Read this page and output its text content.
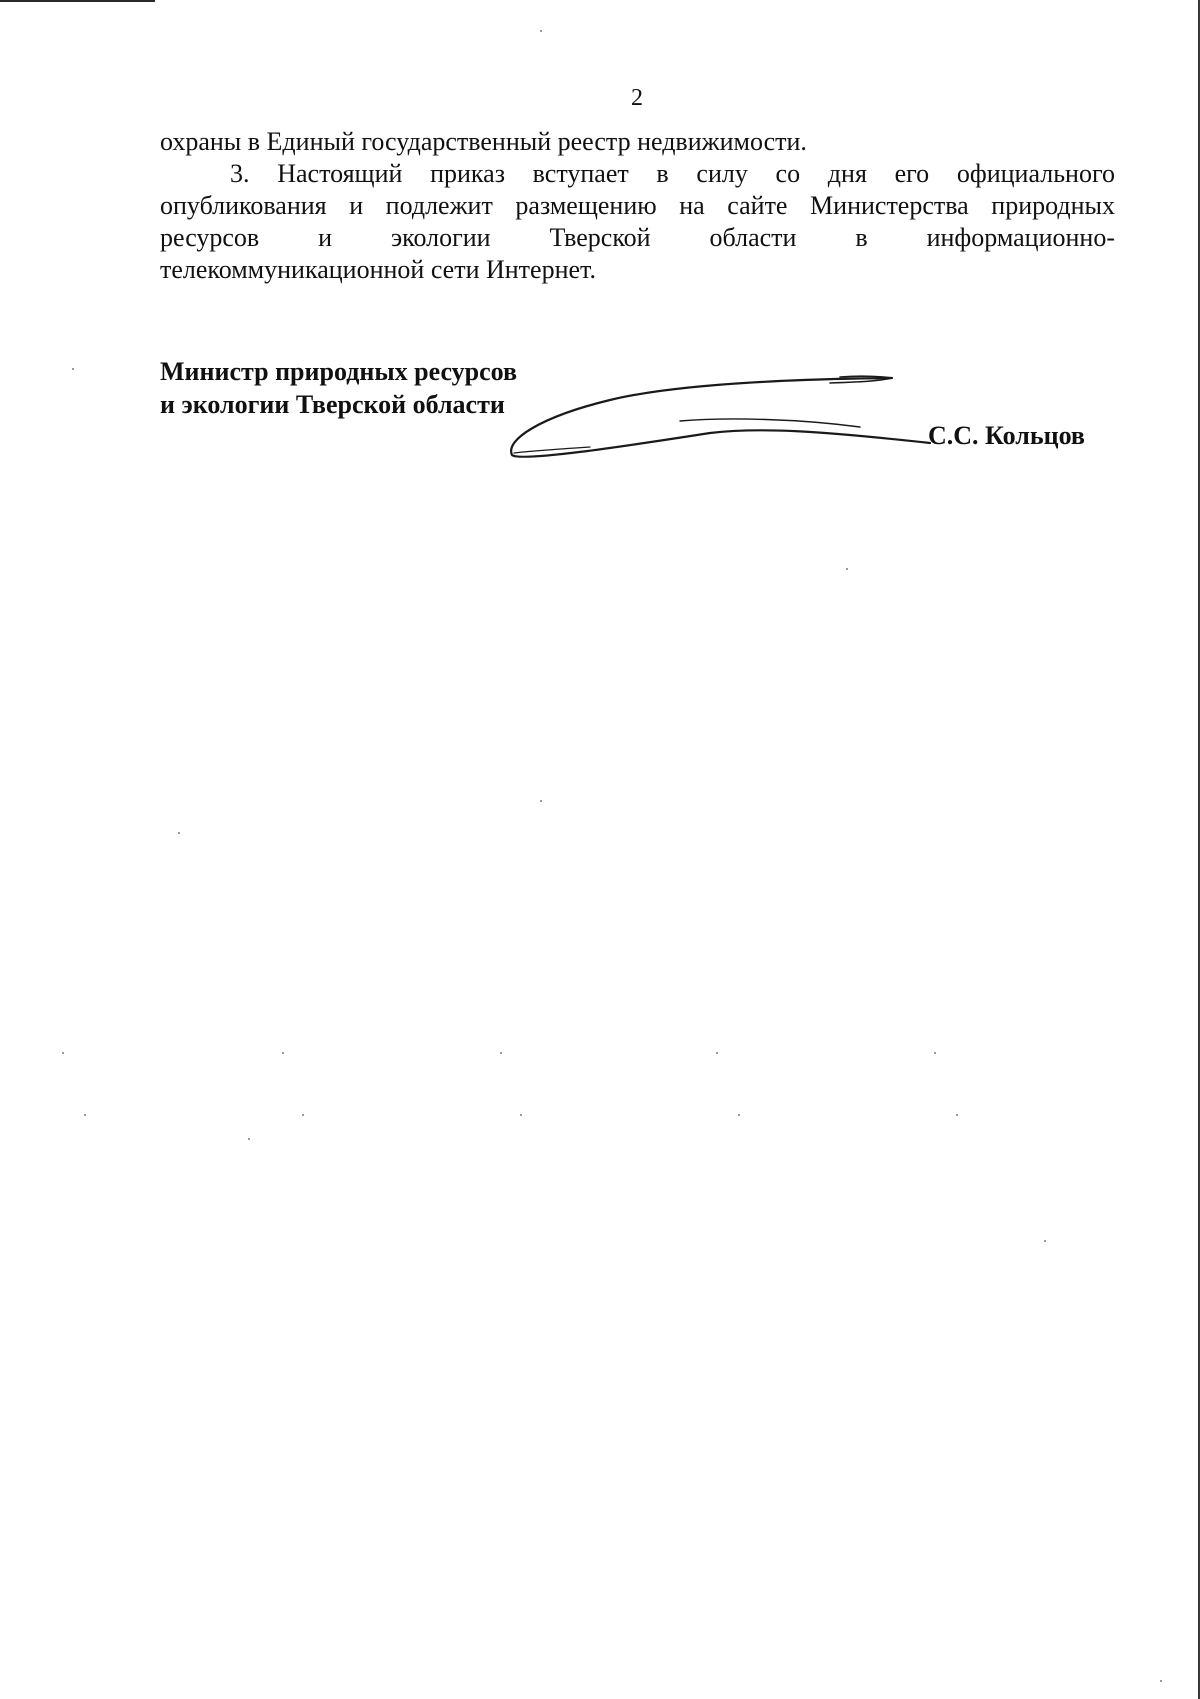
2
охраны в Единый государственный реестр недвижимости.
3. Настоящий приказ вступает в силу со дня его официального
опубликования и подлежит размещению на сайте Министерства природных
ресурсов и экологии Тверской области в информационно-
телекоммуникационной сети Интернет.
Министр природных ресурсов
и экологии Тверской области
С.С. Кольцов
